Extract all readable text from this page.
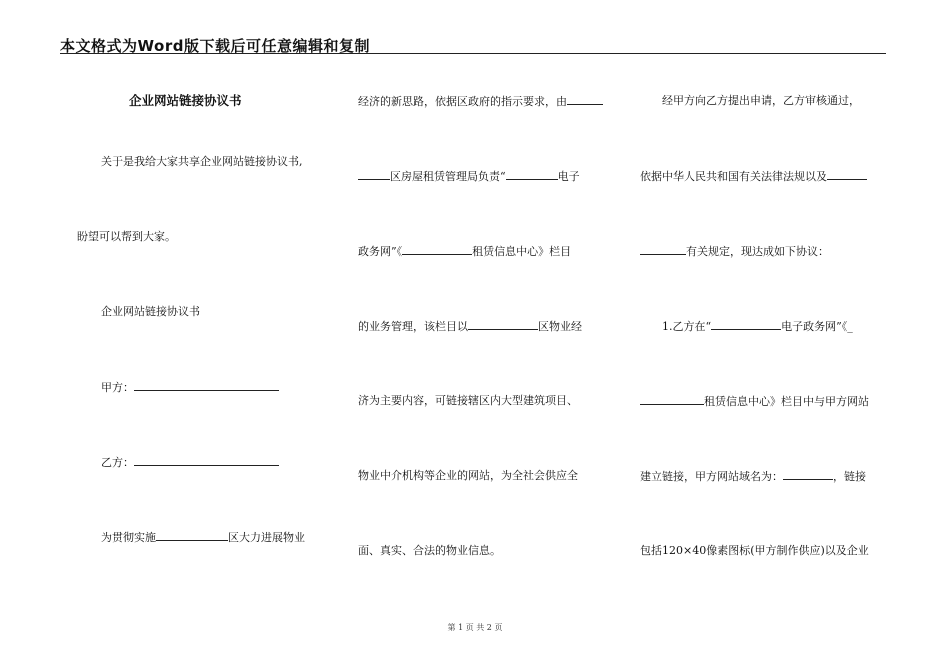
本文格式为Word版下载后可任意编辑和复制
企业网站链接协议书
关于是我给大家共享企业网站链接协议书,
盼望可以帮到大家。
企业网站链接协议书
甲方：
乙方：
为贯彻实施	区大力进展物业
经济的新思路，依据区政府的指示要求，由
区房屋租赁管理局负责“	电子
政务网”《	租赁信息中心》栏目
的业务管理，该栏目以	区物业经
济为主要内容，可链接辖区内大型建筑项目、
物业中介机构等企业的网站，为全社会供应全
面、真实、合法的物业信息。
经甲方向乙方提出申请，乙方审核通过，
依据中华人民共和国有关法律法规以及
有关规定，现达成如下协议：
1.乙方在“	电子政务网”《_
租赁信息中心》栏目中与甲方网站
建立链接，甲方网站域名为：	，链接
包括120×40像素图标(甲方制作供应)以及企业
第 1 页 共 2 页
